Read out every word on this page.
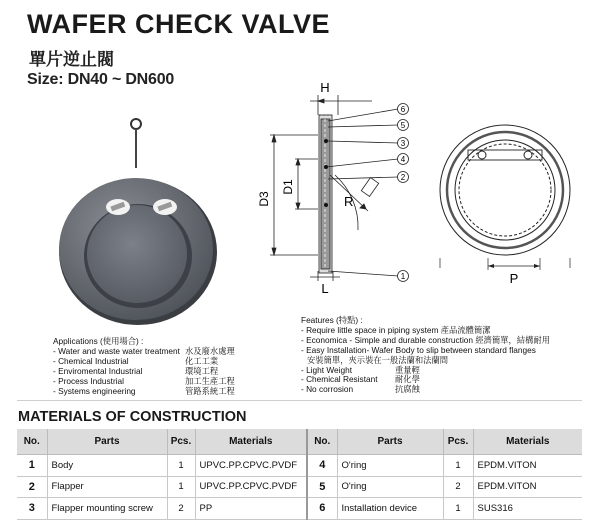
WAFER CHECK VALVE
單片逆止閥
Size: DN40 ~ DN600	H
D3
D1
R
L
6
5
3
4
2
1	P
Applications (使用場合) :
- Water and waste water treatment 水及廢水處理
- Chemical Industrial	化工工業
- Enviromental Industrial	環境工程
- Process Industrial	加工生產工程
- Systems engineering	管路系統工程
Features (特點) :
- Require little space in piping system 產品流體簡潔
- Economica - Simple and durable construction 經濟簡單，結構耐用
- Easy Installation- Wafer Body to slip between standard flanges
安裝簡單，夾示裝在一般法蘭和法蘭間
- Light Weight	重量輕
- Chemical Resistant	耐化學
- No corrosion	抗腐蝕
MATERIALS OF CONSTRUCTION
No.	Parts	Pcs.	Materials	No.	Parts	Pcs.	Materials
1	Body	1	UPVC.PP.CPVC.PVDF	4	O'ring	1	EPDM.VITON
2	Flapper	1	UPVC.PP.CPVC.PVDF	5	O'ring	2	EPDM.VITON
3	Flapper mounting screw	2	PP	6	Installation device	1	SUS316
